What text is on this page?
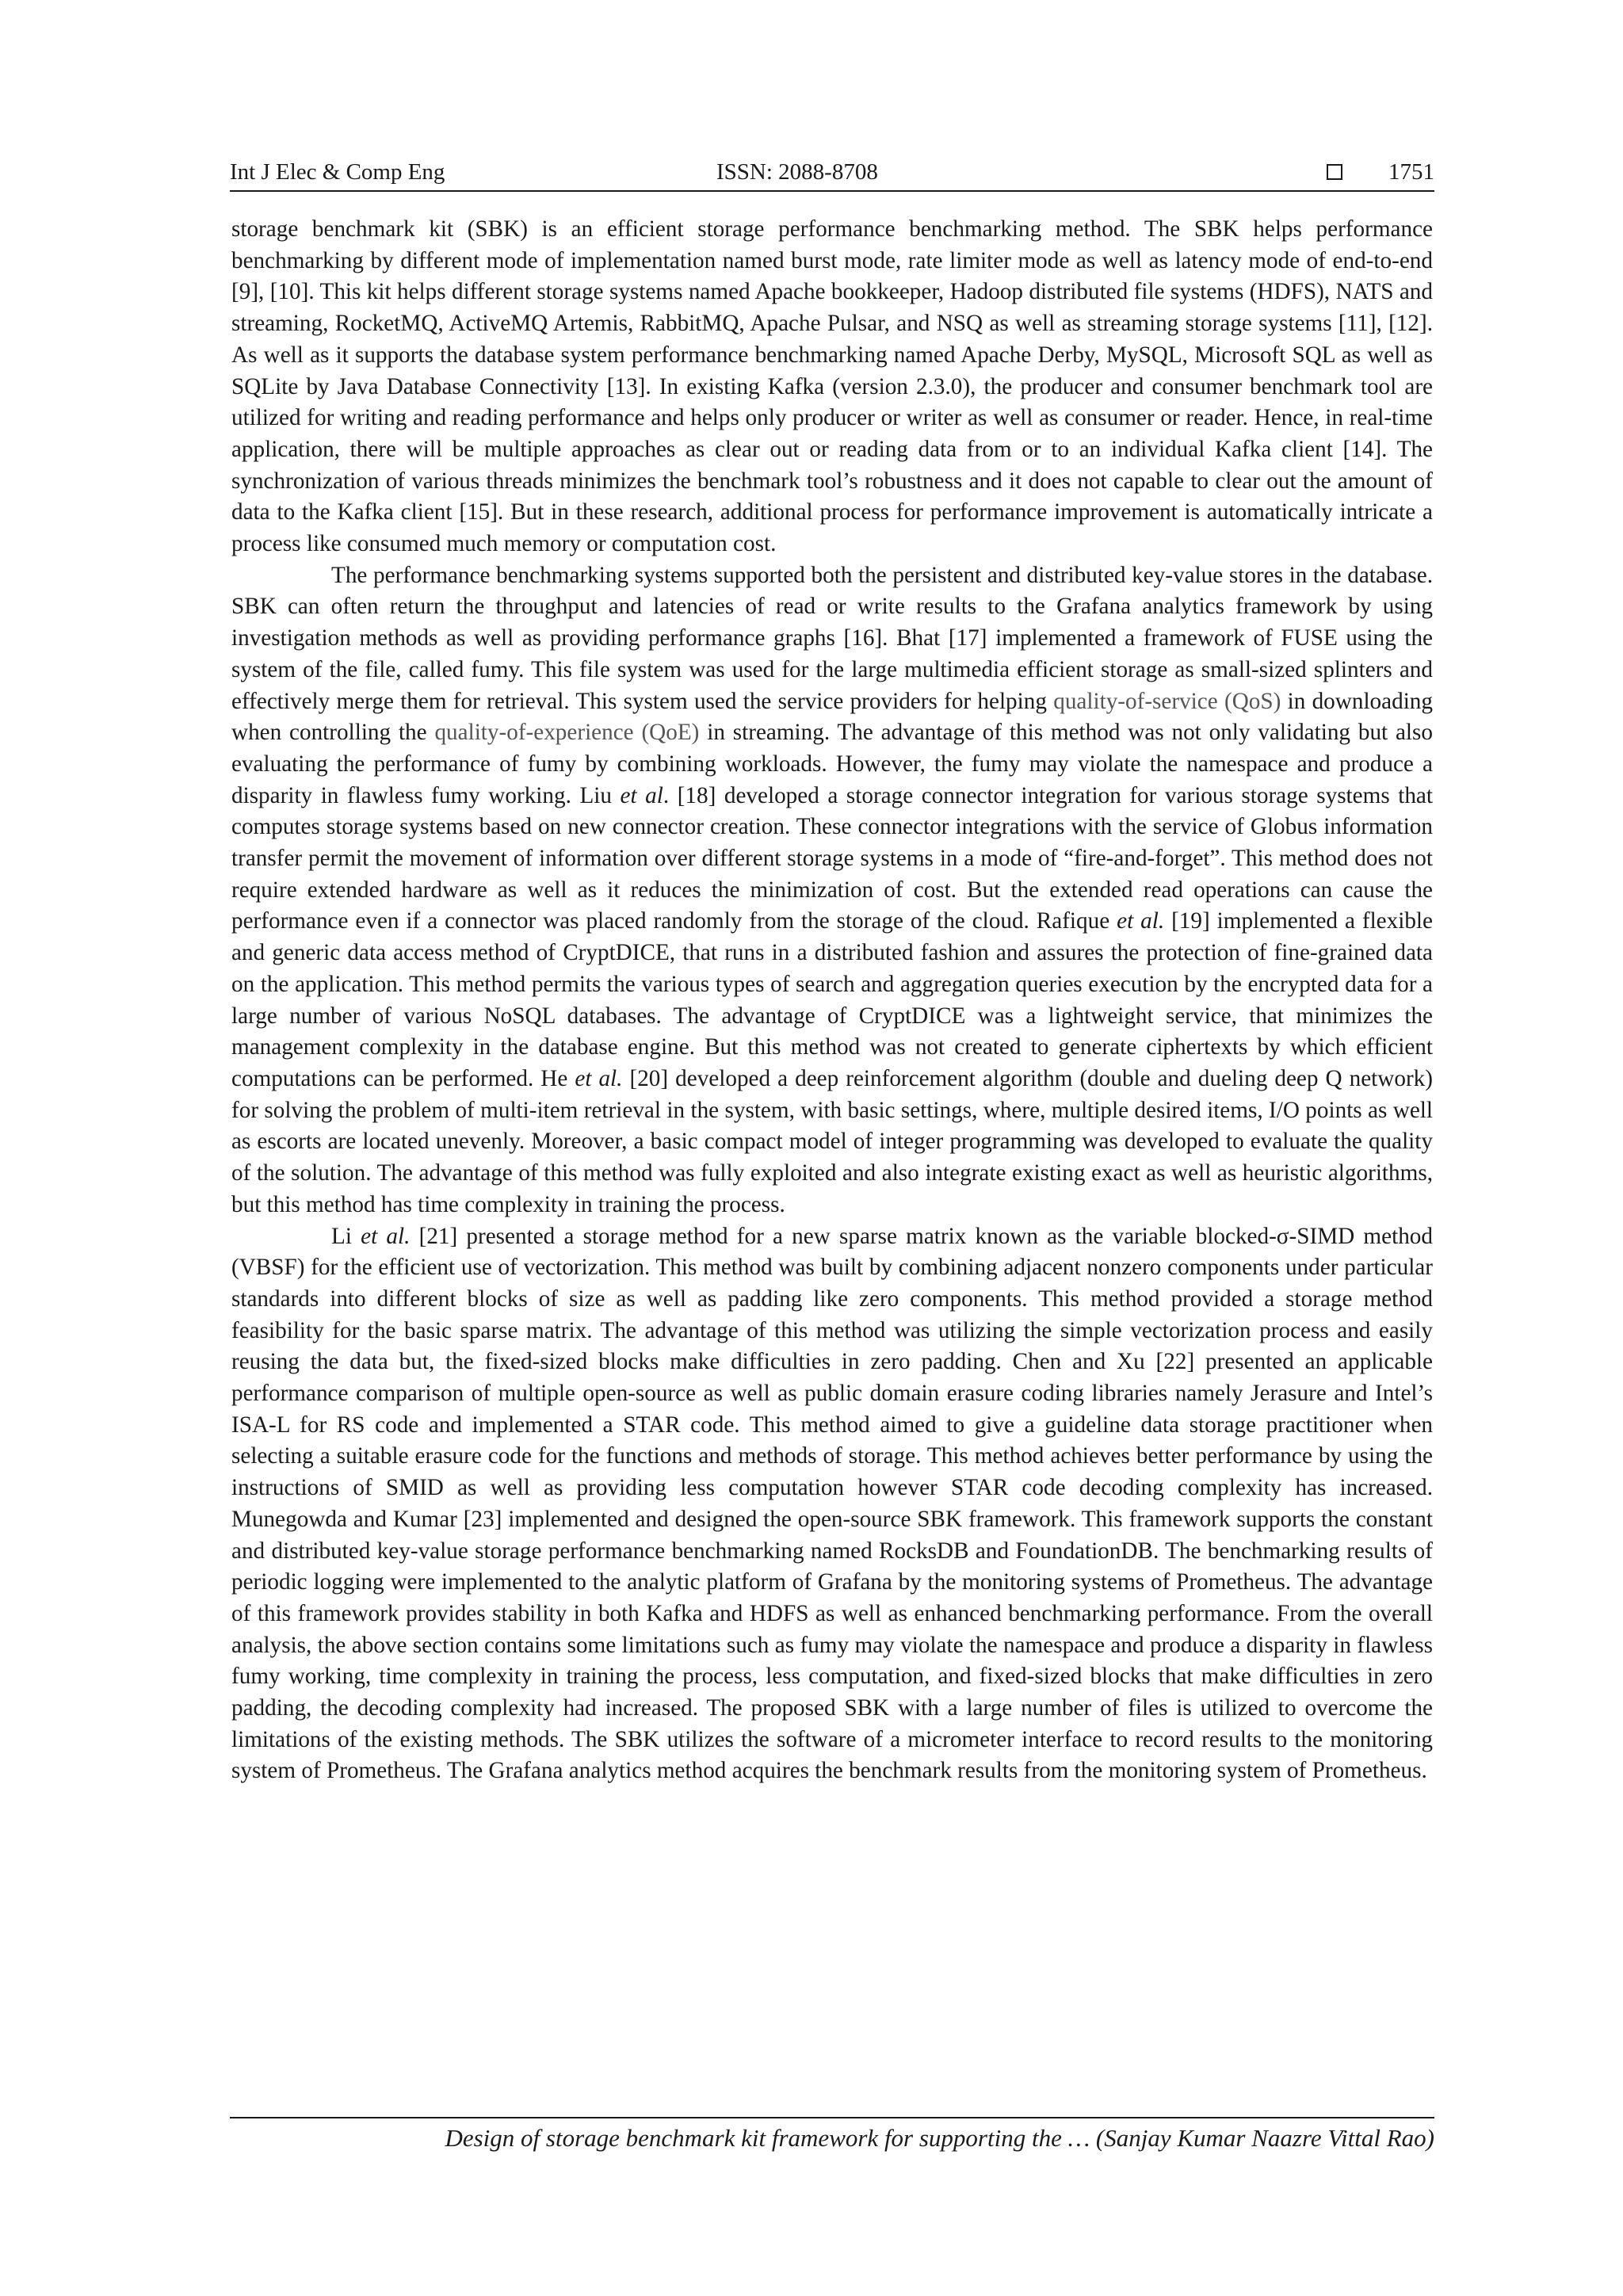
Int J Elec & Comp Eng	ISSN: 2088-8708	1751

storage benchmark kit (SBK) is an efficient storage performance benchmarking method. The SBK helps performance benchmarking by different mode of implementation named burst mode, rate limiter mode as well as latency mode of end-to-end [9], [10]. This kit helps different storage systems named Apache bookkeeper, Hadoop distributed file systems (HDFS), NATS and streaming, RocketMQ, ActiveMQ Artemis, RabbitMQ, Apache Pulsar, and NSQ as well as streaming storage systems [11], [12]. As well as it supports the database system performance benchmarking named Apache Derby, MySQL, Microsoft SQL as well as SQLite by Java Database Connectivity [13]. In existing Kafka (version 2.3.0), the producer and consumer benchmark tool are utilized for writing and reading performance and helps only producer or writer as well as consumer or reader. Hence, in real-time application, there will be multiple approaches as clear out or reading data from or to an individual Kafka client [14]. The synchronization of various threads minimizes the benchmark tool’s robustness and it does not capable to clear out the amount of data to the Kafka client [15]. But in these research, additional process for performance improvement is automatically intricate a process like consumed much memory or computation cost.

The performance benchmarking systems supported both the persistent and distributed key-value stores in the database. SBK can often return the throughput and latencies of read or write results to the Grafana analytics framework by using investigation methods as well as providing performance graphs [16]. Bhat [17] implemented a framework of FUSE using the system of the file, called fumy. This file system was used for the large multimedia efficient storage as small-sized splinters and effectively merge them for retrieval. This system used the service providers for helping quality-of-service (QoS) in downloading when controlling the quality-of-experience (QoE) in streaming. The advantage of this method was not only validating but also evaluating the performance of fumy by combining workloads. However, the fumy may violate the namespace and produce a disparity in flawless fumy working. Liu et al. [18] developed a storage connector integration for various storage systems that computes storage systems based on new connector creation. These connector integrations with the service of Globus information transfer permit the movement of information over different storage systems in a mode of “fire-and-forget”. This method does not require extended hardware as well as it reduces the minimization of cost. But the extended read operations can cause the performance even if a connector was placed randomly from the storage of the cloud. Rafique et al. [19] implemented a flexible and generic data access method of CryptDICE, that runs in a distributed fashion and assures the protection of fine-grained data on the application. This method permits the various types of search and aggregation queries execution by the encrypted data for a large number of various NoSQL databases. The advantage of CryptDICE was a lightweight service, that minimizes the management complexity in the database engine. But this method was not created to generate ciphertexts by which efficient computations can be performed. He et al. [20] developed a deep reinforcement algorithm (double and dueling deep Q network) for solving the problem of multi-item retrieval in the system, with basic settings, where, multiple desired items, I/O points as well as escorts are located unevenly. Moreover, a basic compact model of integer programming was developed to evaluate the quality of the solution. The advantage of this method was fully exploited and also integrate existing exact as well as heuristic algorithms, but this method has time complexity in training the process.

Li et al. [21] presented a storage method for a new sparse matrix known as the variable blocked-σ-SIMD method (VBSF) for the efficient use of vectorization. This method was built by combining adjacent nonzero components under particular standards into different blocks of size as well as padding like zero components. This method provided a storage method feasibility for the basic sparse matrix. The advantage of this method was utilizing the simple vectorization process and easily reusing the data but, the fixed-sized blocks make difficulties in zero padding. Chen and Xu [22] presented an applicable performance comparison of multiple open-source as well as public domain erasure coding libraries namely Jerasure and Intel’s ISA-L for RS code and implemented a STAR code. This method aimed to give a guideline data storage practitioner when selecting a suitable erasure code for the functions and methods of storage. This method achieves better performance by using the instructions of SMID as well as providing less computation however STAR code decoding complexity has increased. Munegowda and Kumar [23] implemented and designed the open-source SBK framework. This framework supports the constant and distributed key-value storage performance benchmarking named RocksDB and FoundationDB. The benchmarking results of periodic logging were implemented to the analytic platform of Grafana by the monitoring systems of Prometheus. The advantage of this framework provides stability in both Kafka and HDFS as well as enhanced benchmarking performance. From the overall analysis, the above section contains some limitations such as fumy may violate the namespace and produce a disparity in flawless fumy working, time complexity in training the process, less computation, and fixed-sized blocks that make difficulties in zero padding, the decoding complexity had increased. The proposed SBK with a large number of files is utilized to overcome the limitations of the existing methods. The SBK utilizes the software of a micrometer interface to record results to the monitoring system of Prometheus. The Grafana analytics method acquires the benchmark results from the monitoring system of Prometheus.

Design of storage benchmark kit framework for supporting the … (Sanjay Kumar Naazre Vittal Rao)
